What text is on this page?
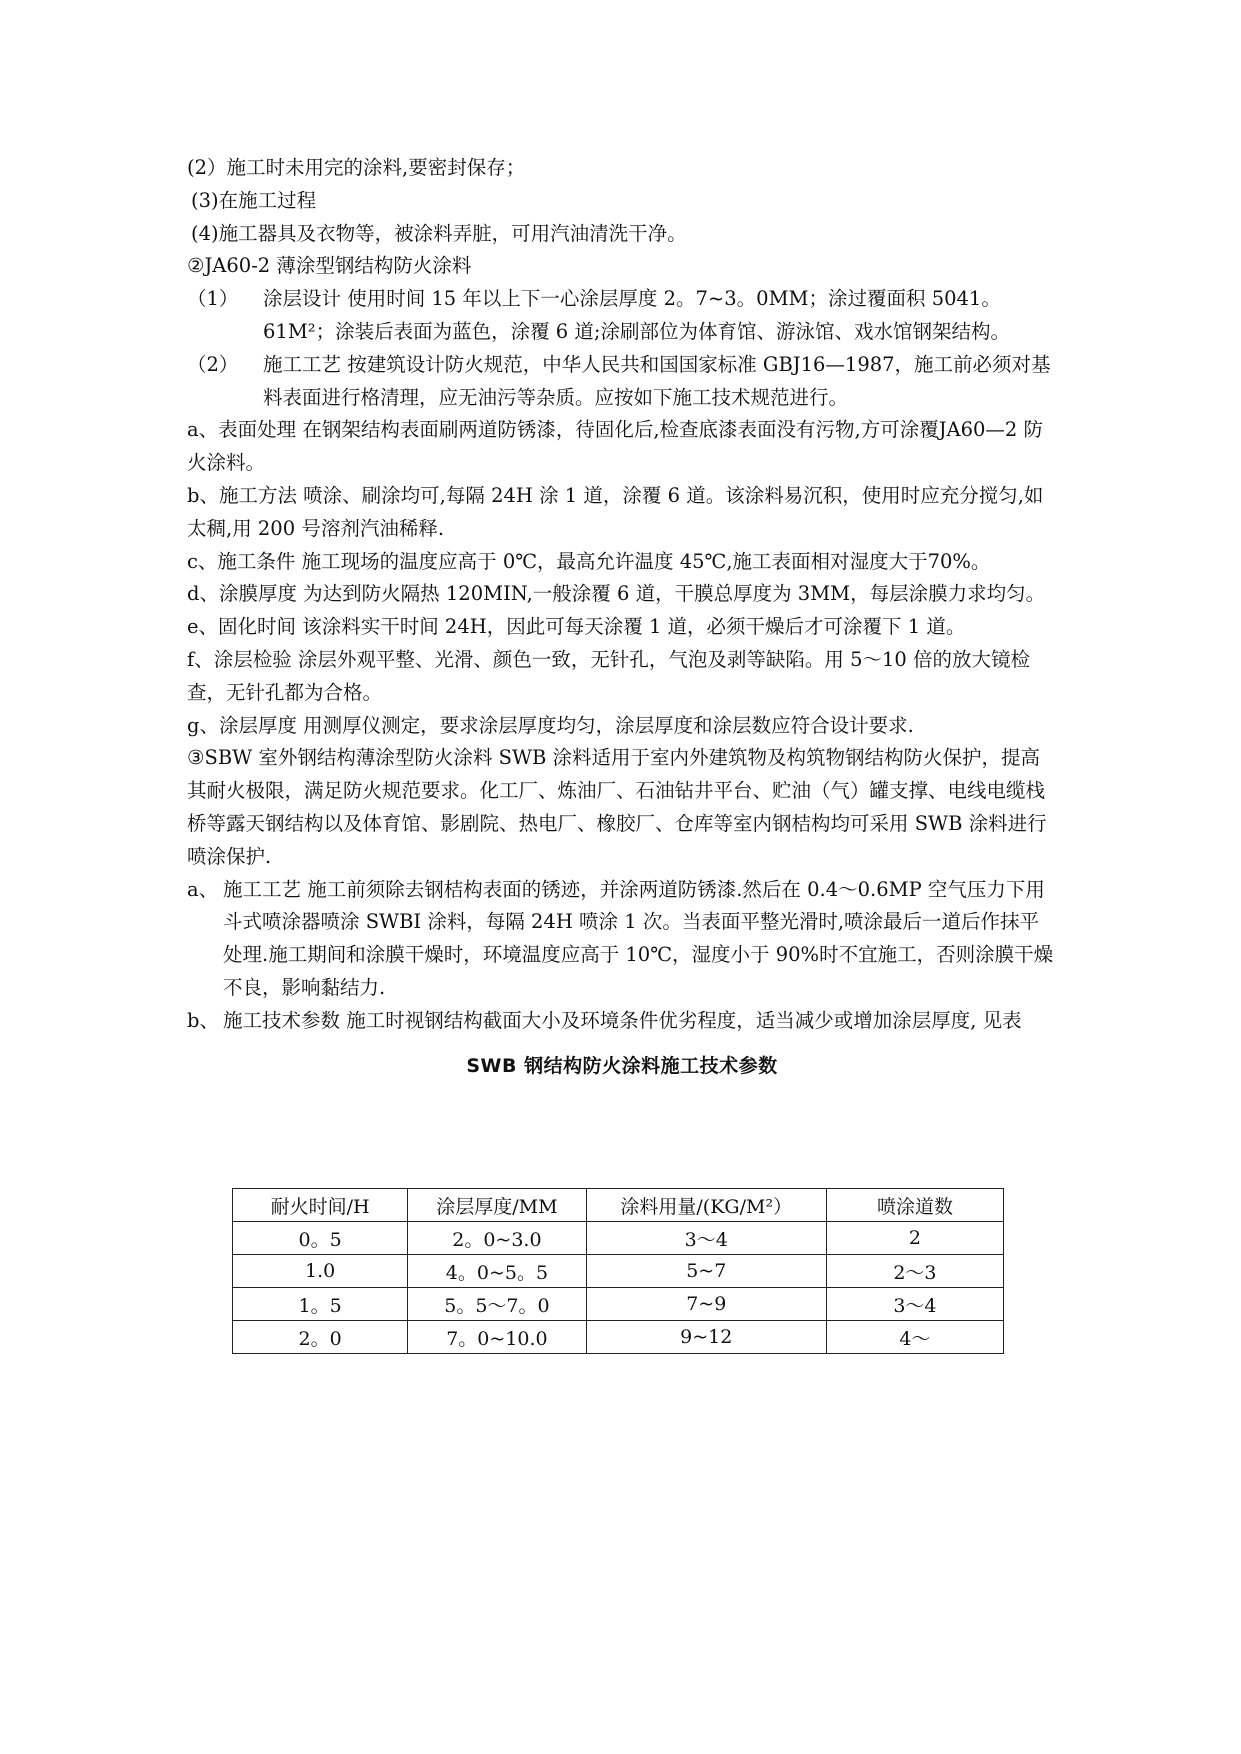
(2）施工时未用完的涂料,要密封保存；

(3)在施工过程

(4)施工器具及衣物等，被涂料弄脏，可用汽油清洗干净。

②JA60-2 薄涂型钢结构防火涂料

（1）	涂层设计 使用时间 15 年以上下一心涂层厚度 2。7~3。0MM；涂过覆面积 5041。61M²；涂装后表面为蓝色，涂覆 6 道;涂刷部位为体育馆、游泳馆、戏水馆钢架结构。
（2）	施工工艺 按建筑设计防火规范，中华人民共和国国家标准 GBJ16—1987，施工前必须对基料表面进行格清理，应无油污等杂质。应按如下施工技术规范进行。

a、表面处理 在钢架结构表面刷两道防锈漆，待固化后,检查底漆表面没有污物,方可涂覆JA60—2 防火涂料。

b、施工方法 喷涂、刷涂均可,每隔 24H 涂 1 道，涂覆 6 道。该涂料易沉积，使用时应充分搅匀,如太稠,用 200 号溶剂汽油稀释.

c、施工条件 施工现场的温度应高于 0℃，最高允许温度 45℃,施工表面相对湿度大于70%。

d、涂膜厚度 为达到防火隔热 120MIN,一般涂覆 6 道，干膜总厚度为 3MM，每层涂膜力求均匀。

e、固化时间 该涂料实干时间 24H，因此可每天涂覆 1 道，必须干燥后才可涂覆下 1 道。

f、涂层检验 涂层外观平整、光滑、颜色一致，无针孔，气泡及剥等缺陷。用 5～10 倍的放大镜检查，无针孔都为合格。

g、涂层厚度 用测厚仪测定，要求涂层厚度均匀，涂层厚度和涂层数应符合设计要求.

③SBW 室外钢结构薄涂型防火涂料 SWB 涂料适用于室内外建筑物及构筑物钢结构防火保护，提高其耐火极限，满足防火规范要求。化工厂、炼油厂、石油钻井平台、贮油（气）罐支撑、电线电缆栈桥等露天钢结构以及体育馆、影剧院、热电厂、橡胶厂、仓库等室内钢桔构均可采用 SWB 涂料进行喷涂保护.

a、 施工工艺 施工前须除去钢桔构表面的锈迹，并涂两道防锈漆.然后在 0.4～0.6MP 空气压力下用斗式喷涂器喷涂 SWBI 涂料，每隔 24H 喷涂 1 次。当表面平整光滑时,喷涂最后一道后作抹平处理.施工期间和涂膜干燥时，环境温度应高于 10℃，湿度小于 90%时不宜施工，否则涂膜干燥不良，影响黏结力.
b、 施工技术参数 施工时视钢结构截面大小及环境条件优劣程度，适当减少或增加涂层厚度, 见表
SWB 钢结构防火涂料施工技术参数
耐火时间/H	涂层厚度/MM	涂料用量/(KG/M²）	喷涂道数
0。5	2。0~3.0	3～4	2
1.0	4。0~5。5	5~7	2～3
1。5	5。5～7。0	7~9	3～4
2。0	7。0~10.0	9~12	4～
